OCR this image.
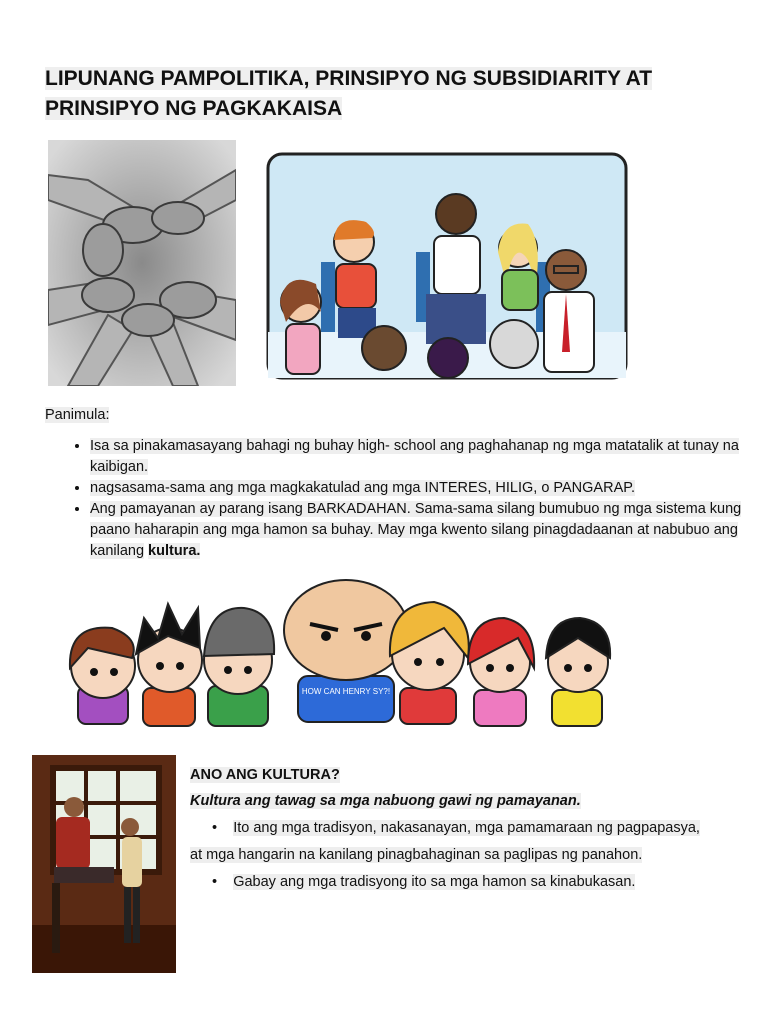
LIPUNANG PAMPOLITIKA, PRINSIPYO NG SUBSIDIARITY AT PRINSIPYO NG PAGKAKAISA
Panimula:
• Isa sa pinakamasayang bahagi ng buhay high- school ang paghahanap ng mga matatalik at tunay na kaibigan.
• nagsasama-sama ang mga magkakatulad ang mga INTERES, HILIG, o PANGARAP.
• Ang pamayanan ay parang isang BARKADAHAN. Sama-sama silang bumubuo ng mga sistema kung paano haharapin ang mga hamon sa buhay. May mga kwento silang pinagdadaanan at nabubuo ang kanilang kultura.
HOW CAN HENRY SY?!
ANO ANG KULTURA?
Kultura ang tawag sa mga nabuong gawi ng pamayanan.
• Ito ang mga tradisyon, nakasanayan, mga pamamaraan ng pagpapasya,
at mga hangarin na kanilang pinagbahaginan sa paglipas ng panahon.
• Gabay ang mga tradisyong ito sa mga hamon sa kinabukasan.
